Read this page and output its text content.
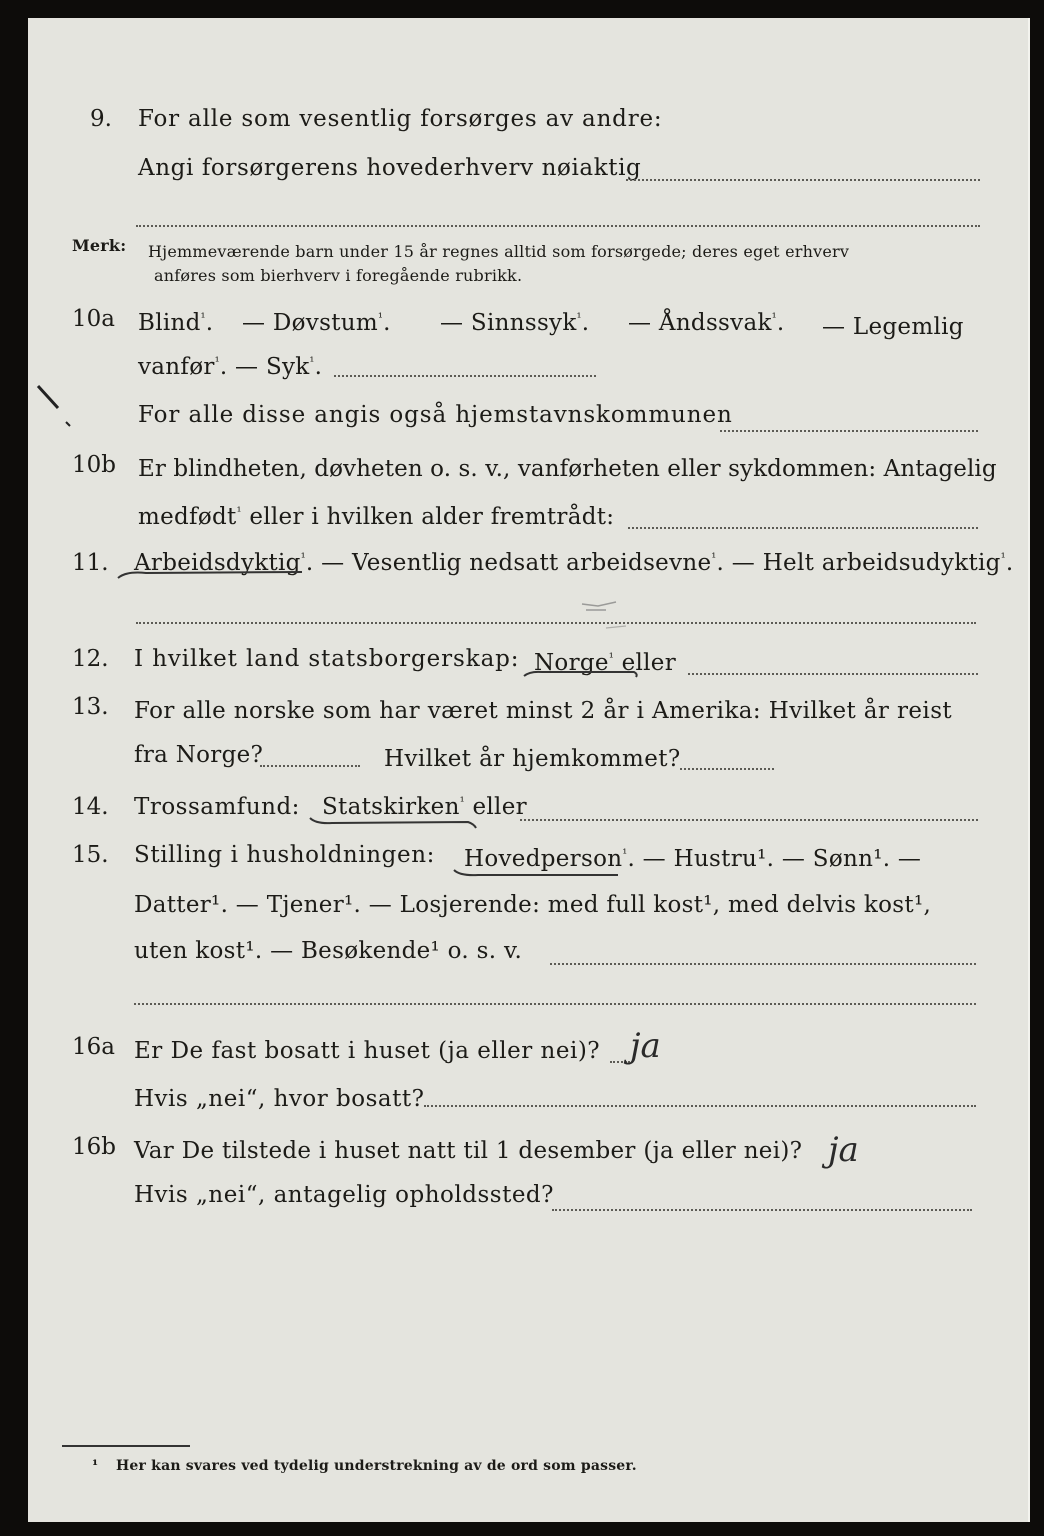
9. For alle som vesentlig forsørges av andre:
Angi forsørgerens hovederhverv nøiaktig
Merk: Hjemmeværende barn under 15 år regnes alltid som forsørgede; deres eget erhverv
anføres som bierhverv i foregående rubrikk.
10a Blind$^{^1}$. — Døvstum$^{^1}$. — Sinnssyk$^{^1}$. — Åndssvak$^{^1}$. — Legemlig
vanfør$^{^1}$. — Syk$^{^1}$.
For alle disse angis også hjemstavnskommunen
10b Er blindheten, døvheten o. s. v., vanførheten eller sykdommen: Antagelig
medfødt$^{^1}$ eller i hvilken alder fremtrådt:
11. Arbeidsdyktig$^{^1}$. — Vesentlig nedsatt arbeidsevne$^{^1}$. — Helt arbeidsudyktig$^{^1}$.
12. I hvilket land statsborgerskap: Norge$^{^1}$ eller
13. For alle norske som har været minst 2 år i Amerika: Hvilket år reist
fra Norge?	Hvilket år hjemkommet?
14. Trossamfund: Statskirken$^{^1}$ eller
15. Stilling i husholdningen: Hovedperson$^{^1}$. — Hustru¹. — Sønn¹. —
Datter¹. — Tjener¹. — Losjerende: med full kost¹, med delvis kost¹,
uten kost¹. — Besøkende¹ o. s. v.
16a Er De fast bosatt i huset (ja eller nei)? ja
Hvis „nei“, hvor bosatt?
16b Var De tilstede i huset natt til 1 desember (ja eller nei)? ja
Hvis „nei“, antagelig opholdssted?
¹ Her kan svares ved tydelig understrekning av de ord som passer.
